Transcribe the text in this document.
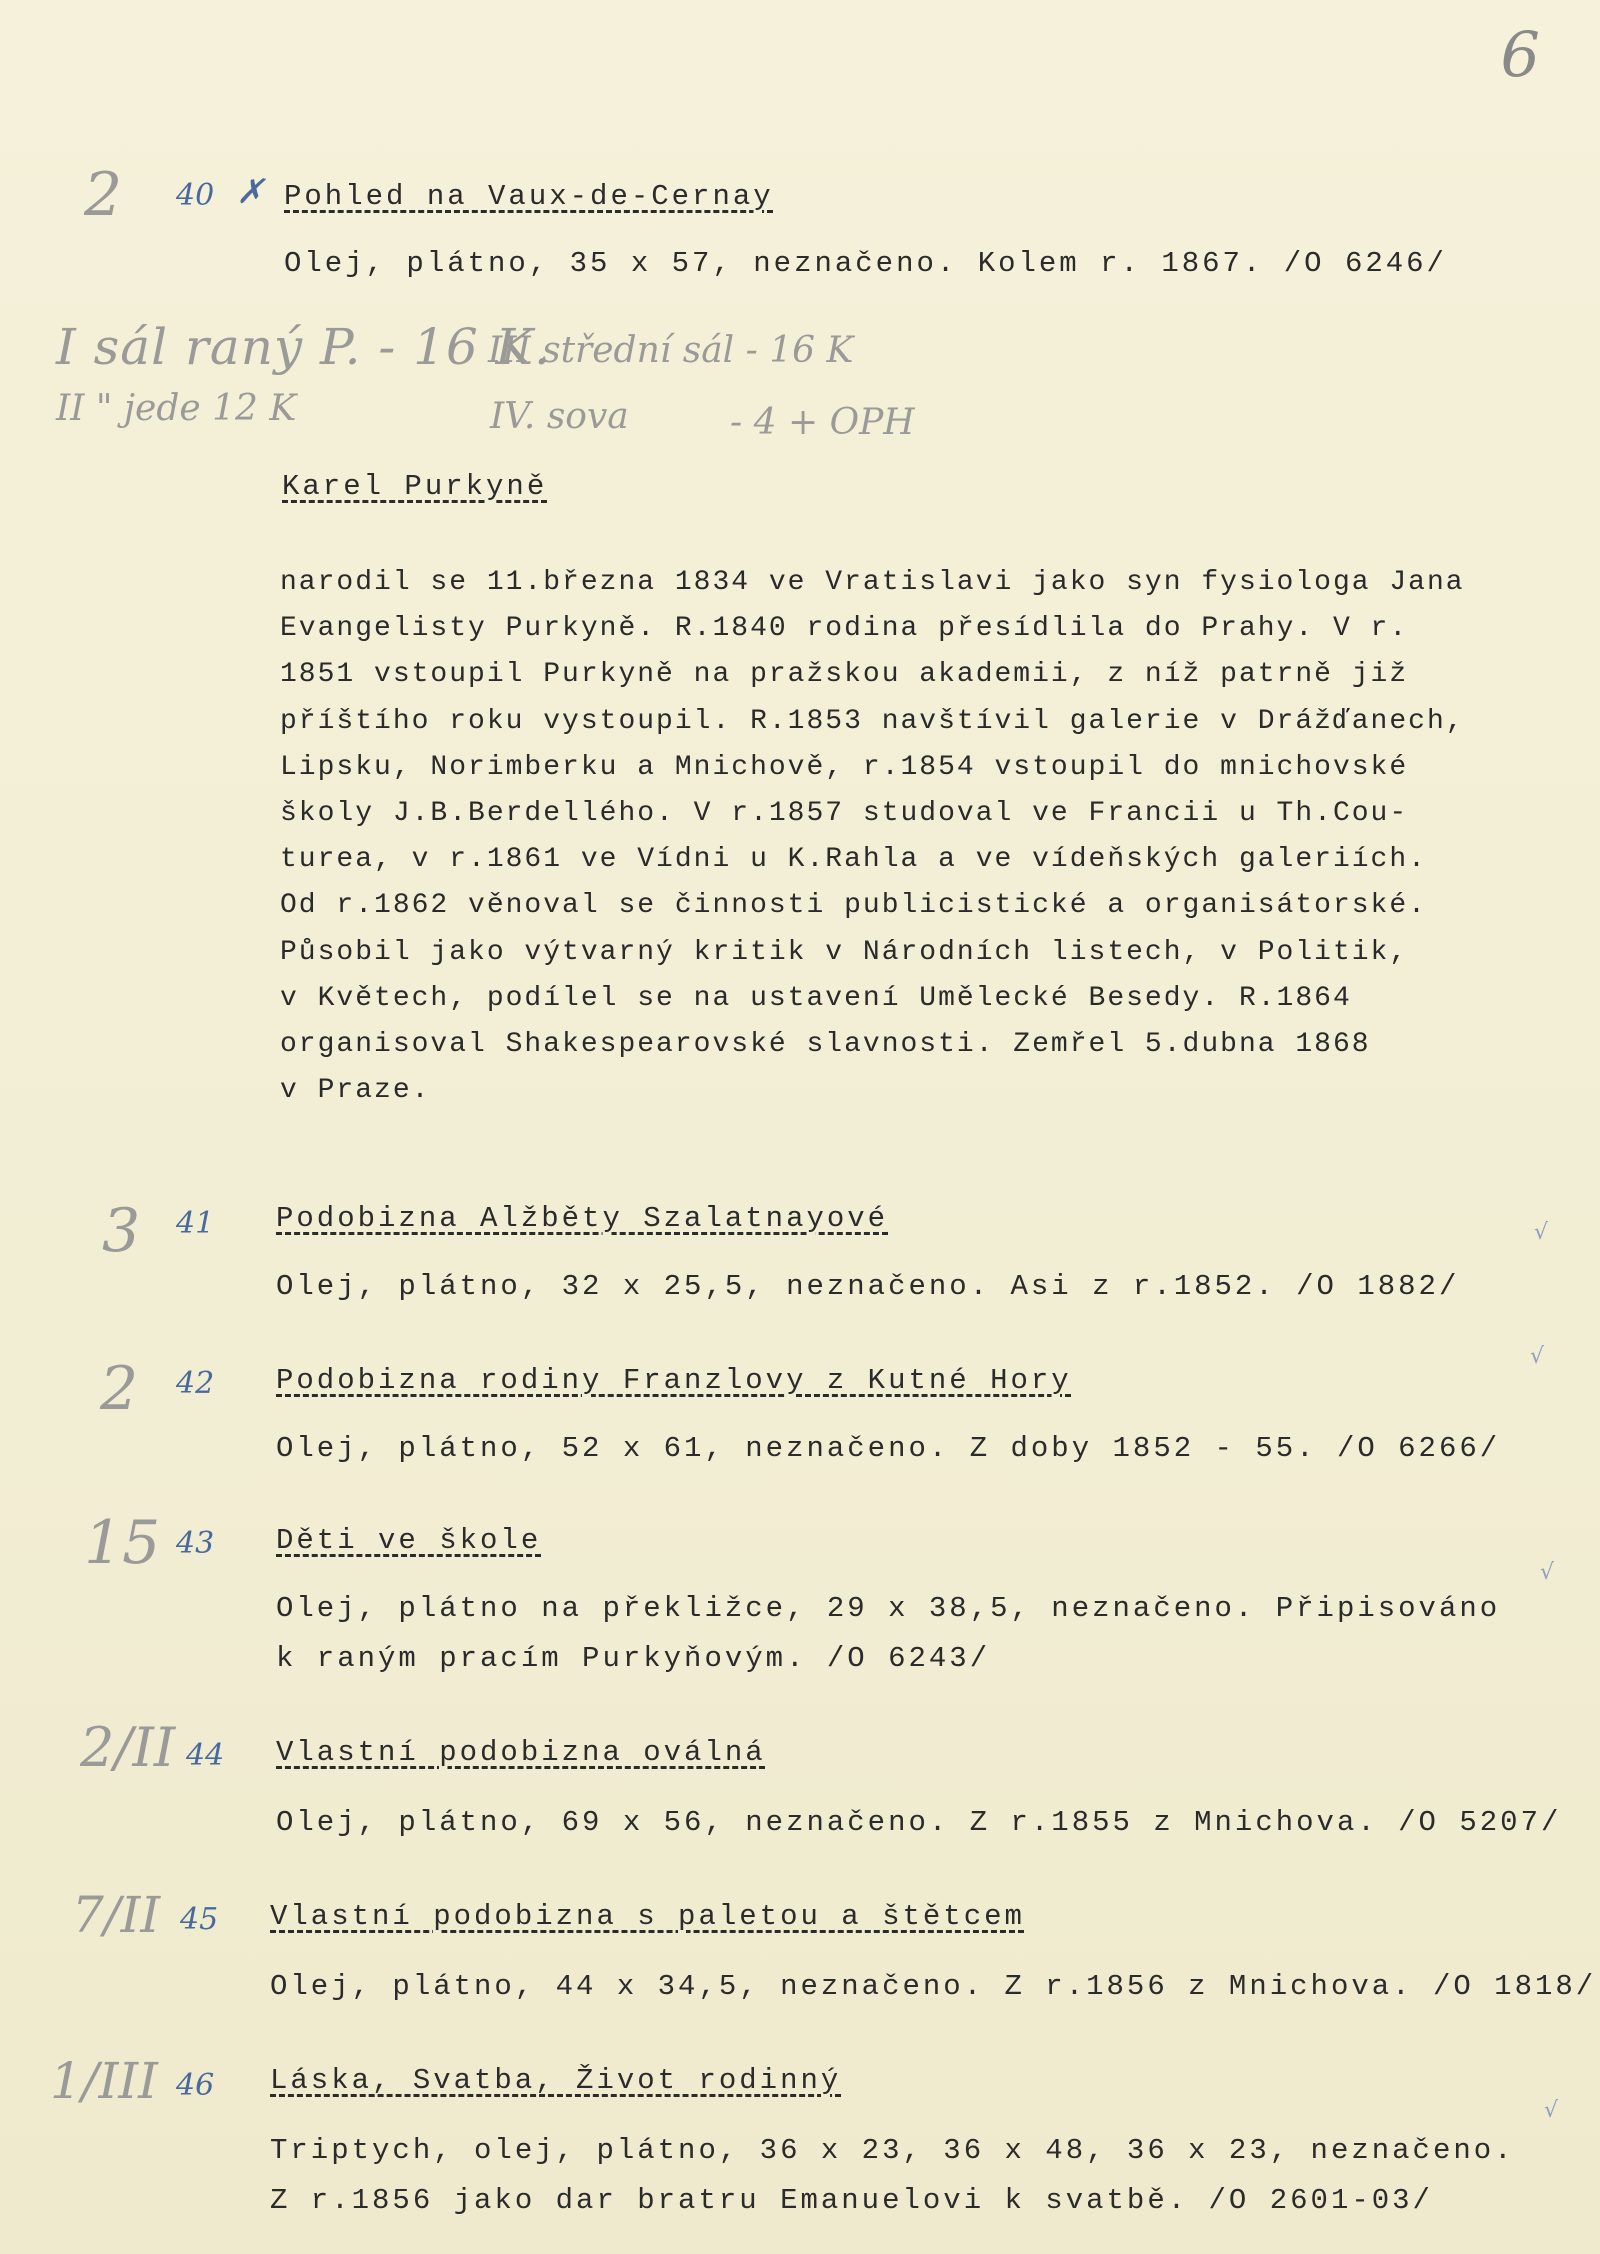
6
2 40 ✗ Pohled na Vaux-de-Cernay
Olej, plátno, 35 x 57, neznačeno. Kolem r. 1867. /O 6246/
I sál raný P. - 16 K.
II " jede 12 K
III střední sál - 16 K
IV. sova	- 4 + OPH
Karel Purkyně
narodil se 11.března 1834 ve Vratislavi jako syn fysiologa Jana
Evangelisty Purkyně. R.1840 rodina přesídlila do Prahy. V r.
1851 vstoupil Purkyně na pražskou akademii, z níž patrně již
příštího roku vystoupil. R.1853 navštívil galerie v Drážďanech,
Lipsku, Norimberku a Mnichově, r.1854 vstoupil do mnichovské
školy J.B.Berdellého. V r.1857 studoval ve Francii u Th.Cou-
turea, v r.1861 ve Vídni u K.Rahla a ve vídeňských galeriích.
Od r.1862 věnoval se činnosti publicistické a organisátorské.
Působil jako výtvarný kritik v Národních listech, v Politik,
v Květech, podílel se na ustavení Umělecké Besedy. R.1864
organisoval Shakespearovské slavnosti. Zemřel 5.dubna 1868
v Praze.
3 41 Podobizna Alžběty Szalatnayové
Olej, plátno, 32 x 25,5, neznačeno. Asi z r.1852. /O 1882/
2 42 Podobizna rodiny Franzlovy z Kutné Hory
Olej, plátno, 52 x 61, neznačeno. Z doby 1852 - 55. /O 6266/
15 43 Děti ve škole
Olej, plátno na překližce, 29 x 38,5, neznačeno. Připisováno
k raným pracím Purkyňovým. /O 6243/
2/II 44 Vlastní podobizna oválná
Olej, plátno, 69 x 56, neznačeno. Z r.1855 z Mnichova. /O 5207/
7/II 45 Vlastní podobizna s paletou a štětcem
Olej, plátno, 44 x 34,5, neznačeno. Z r.1856 z Mnichova. /O 1818/
1/III 46 Láska, Svatba, Život rodinný
Triptych, olej, plátno, 36 x 23, 36 x 48, 36 x 23, neznačeno.
Z r.1856 jako dar bratru Emanuelovi k svatbě. /O 2601-03/
√
√
√
√
